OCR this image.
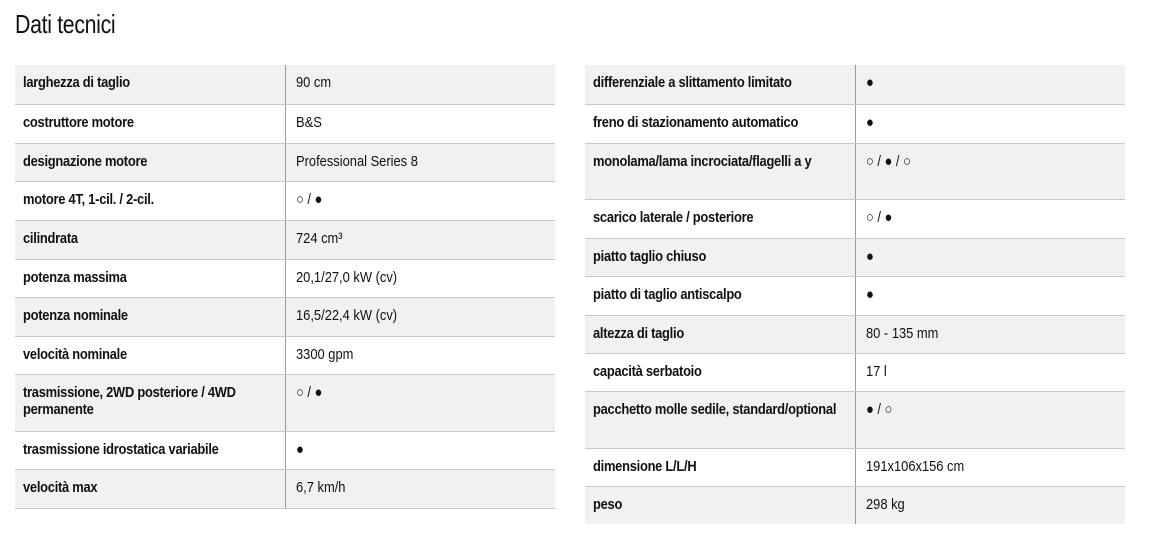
Dati tecnici
larghezza di taglio	90 cm
costruttore motore	B&S
designazione motore	Professional Series 8
motore 4T, 1-cil. / 2-cil.	○ / ●
cilindrata	724 cm³
potenza massima	20,1/27,0 kW (cv)
potenza nominale	16,5/22,4 kW (cv)
velocità nominale	3300 gpm
trasmissione, 2WD posteriore / 4WD permanente	○ / ●
trasmissione idrostatica variabile	●
velocità max	6,7 km/h
differenziale a slittamento limitato	●
freno di stazionamento automatico	●
monolama/lama incrociata/flagelli a y	○ / ● / ○
scarico laterale / posteriore	○ / ●
piatto taglio chiuso	●
piatto di taglio antiscalpo	●
altezza di taglio	80 - 135 mm
capacità serbatoio	17 l
pacchetto molle sedile, standard/optional	● / ○
dimensione L/L/H	191x106x156 cm
peso	298 kg
